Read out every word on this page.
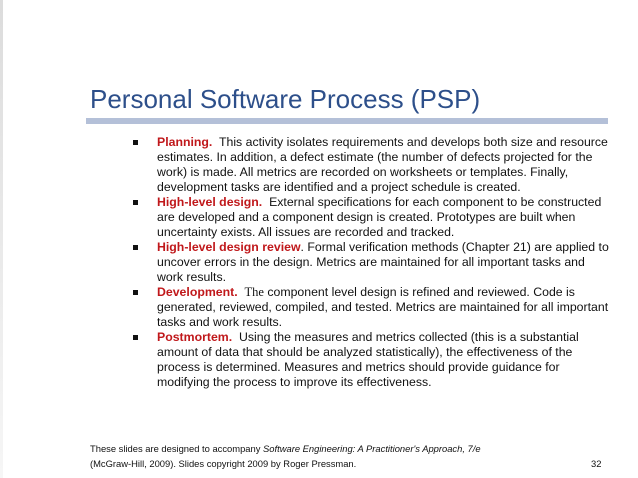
Personal Software Process (PSP)
Planning. This activity isolates requirements and develops both size and resource estimates. In addition, a defect estimate (the number of defects projected for the work) is made. All metrics are recorded on worksheets or templates. Finally, development tasks are identified and a project schedule is created.
High-level design. External specifications for each component to be constructed are developed and a component design is created. Prototypes are built when uncertainty exists. All issues are recorded and tracked.
High-level design review. Formal verification methods (Chapter 21) are applied to uncover errors in the design. Metrics are maintained for all important tasks and work results.
Development. The component level design is refined and reviewed. Code is generated, reviewed, compiled, and tested. Metrics are maintained for all important tasks and work results.
Postmortem. Using the measures and metrics collected (this is a substantial amount of data that should be analyzed statistically), the effectiveness of the process is determined. Measures and metrics should provide guidance for modifying the process to improve its effectiveness.
These slides are designed to accompany Software Engineering: A Practitioner's Approach, 7/e
(McGraw-Hill, 2009). Slides copyright 2009 by Roger Pressman.	32
